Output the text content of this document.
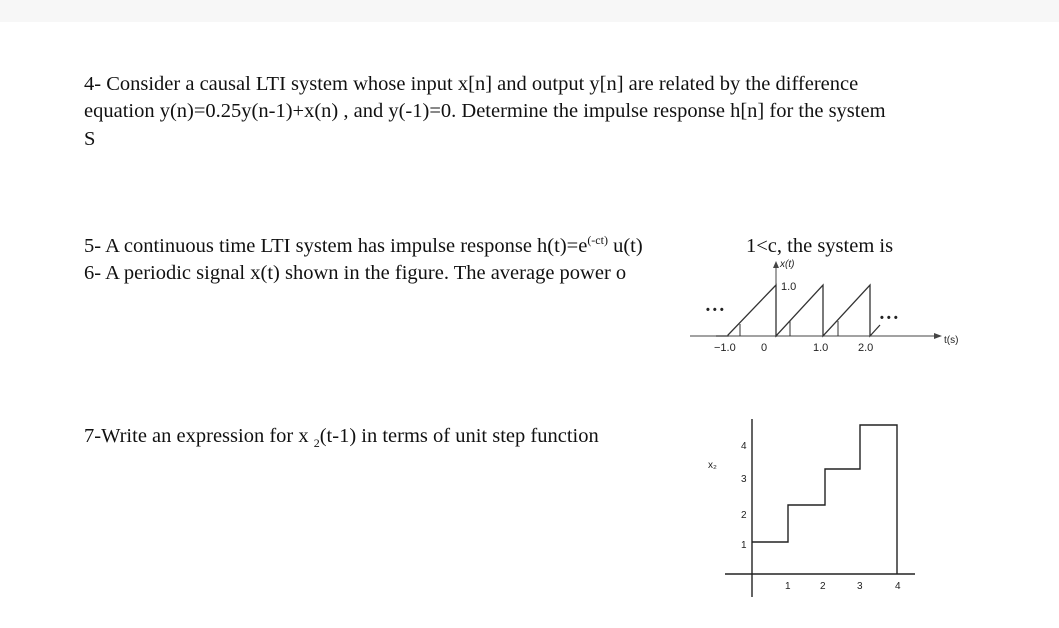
4- Consider a causal LTI system whose input x[n] and output y[n] are related by the difference
equation y(n)=0.25y(n-1)+x(n) , and y(-1)=0. Determine the impulse response h[n] for the system
S
5- A continuous time LTI system has impulse response $h(t)=e^{(-ct)}$ u(t)	1<c, the system is
6- A periodic signal x(t) shown in the figure. The average power o
7-Write an expression for x $_2$(t-1) in terms of unit step function
x(t)
1.0
t(s)
−1.0 0	1.0	2.0
• • •
• • •
x₂
1
2
3
4
1	2	3	4
